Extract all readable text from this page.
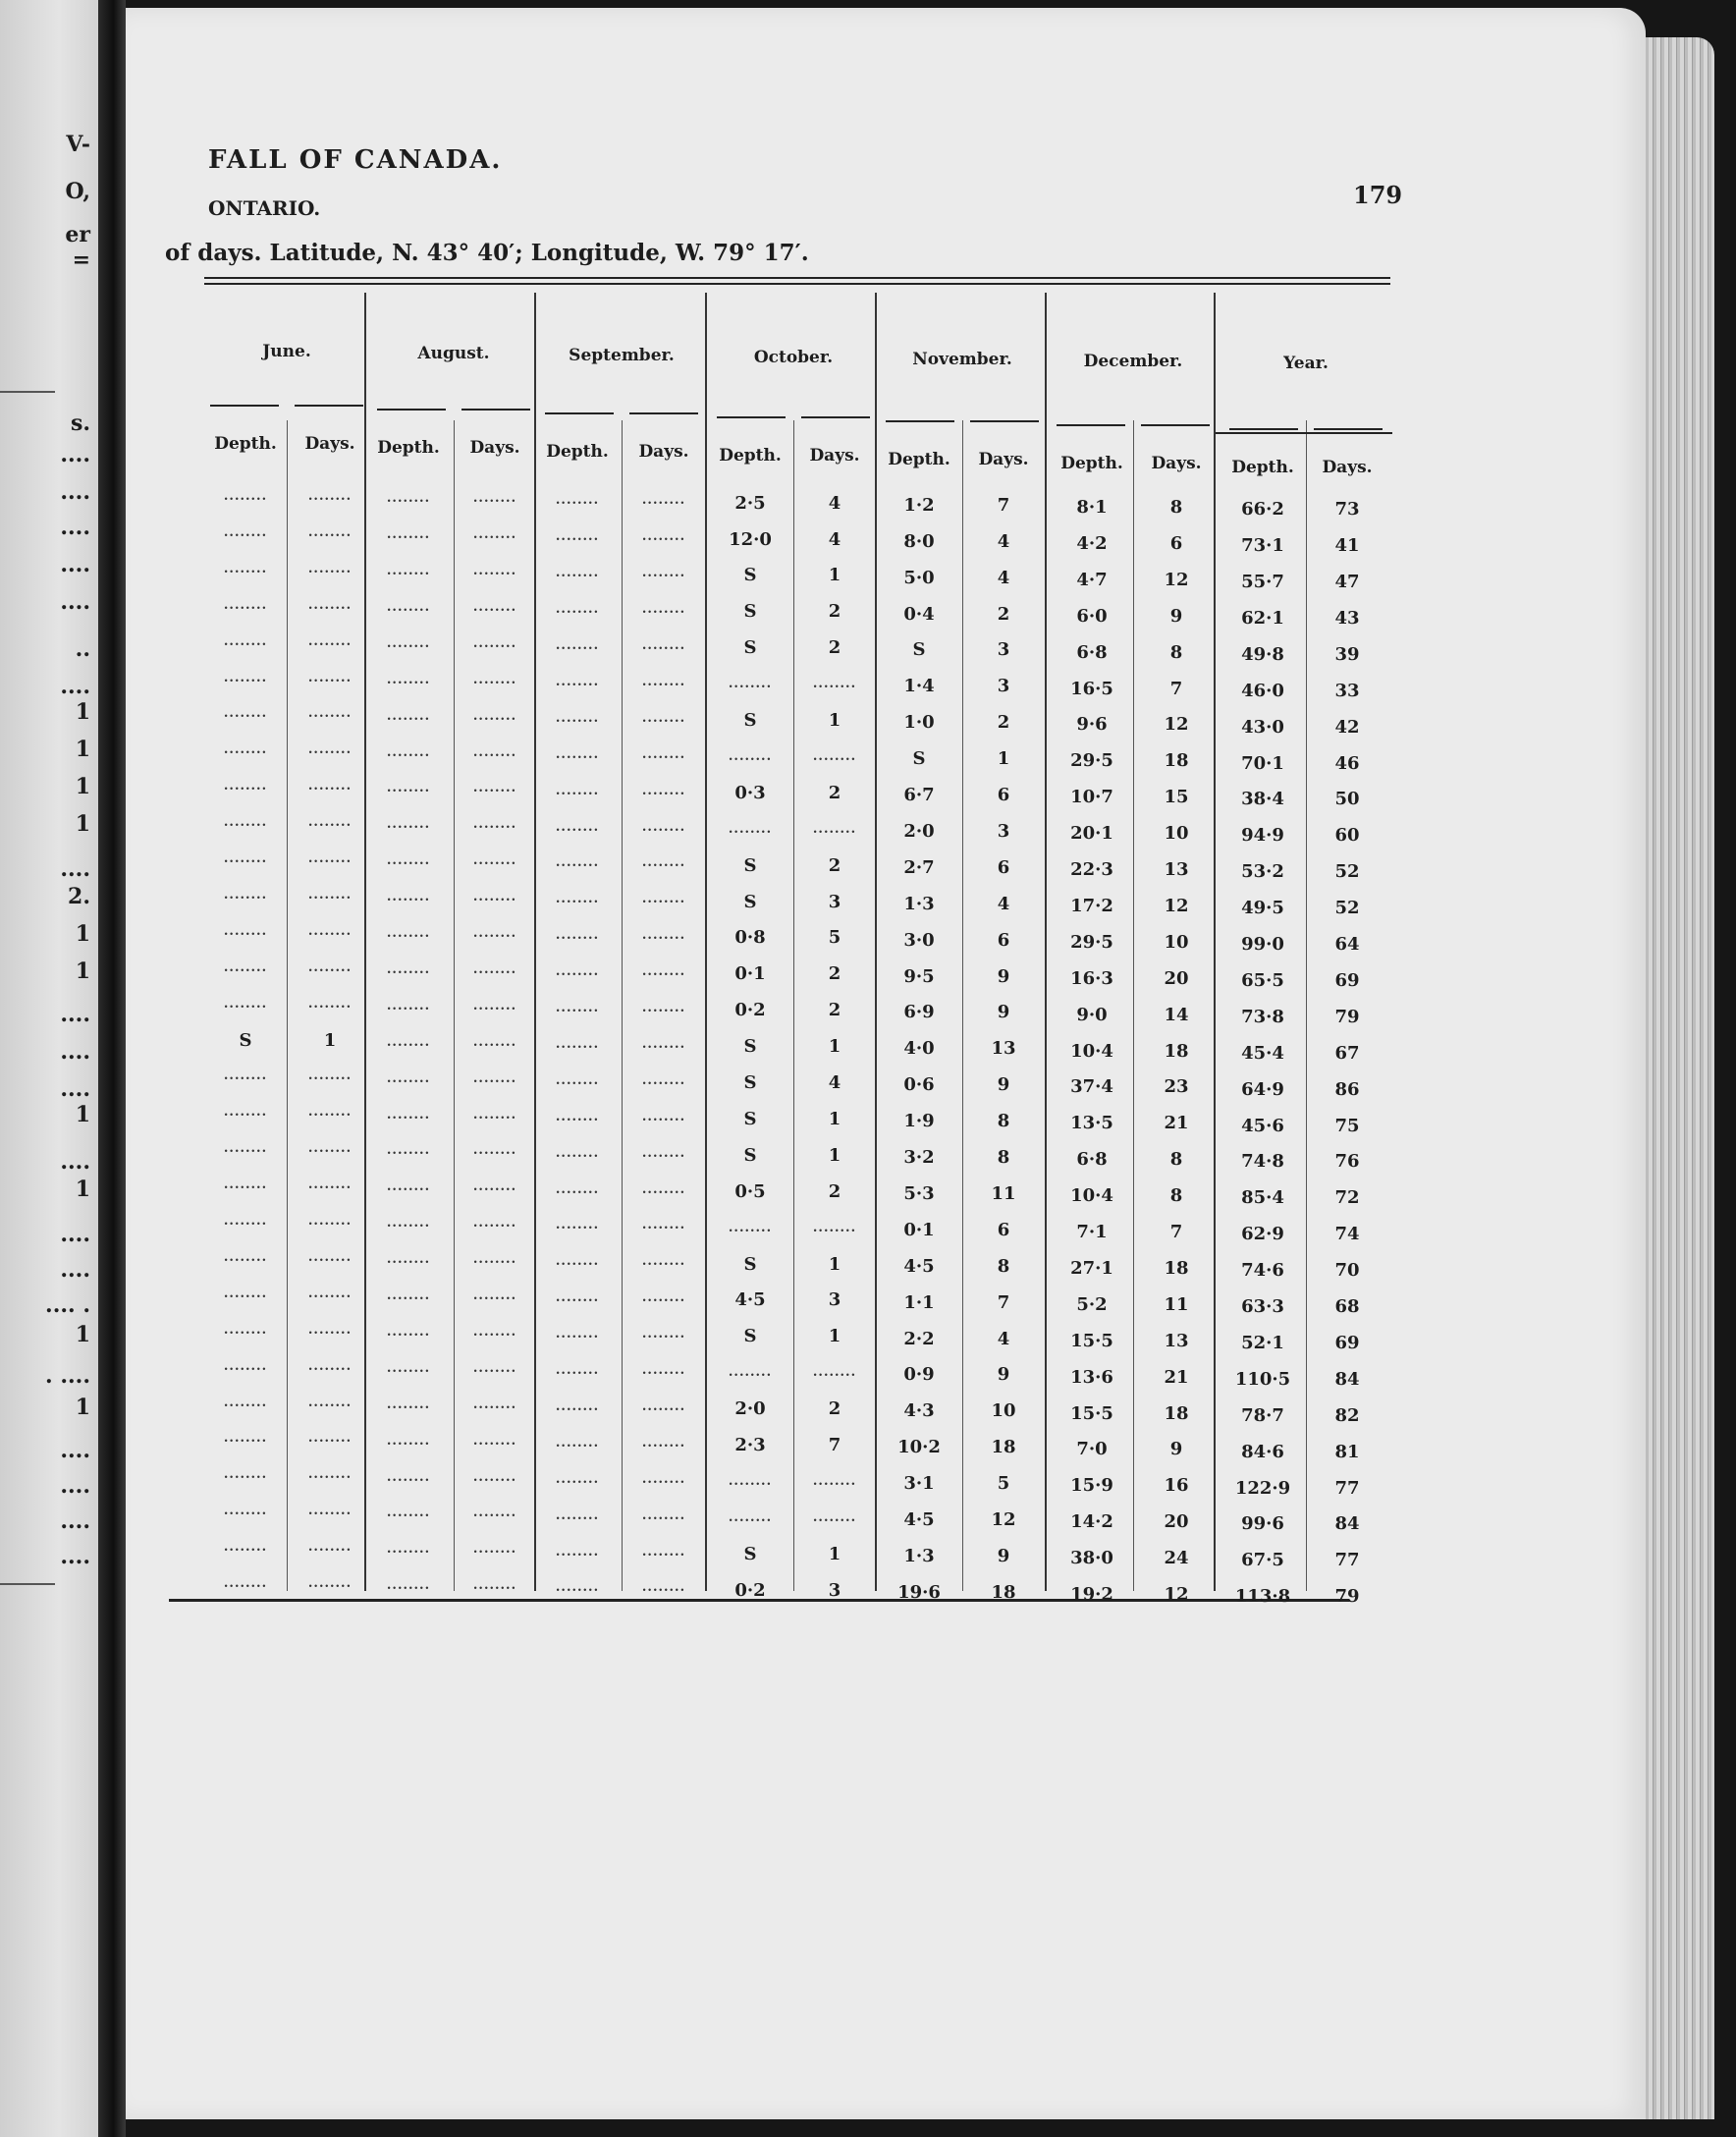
V-
O,
er
=
s.
....
....
....
....
....
..
....
1
1
1
1
....
2.
1
1
....
....
....
1
....
1
....
....
.... .
1
. ....
1
....
....
....
....
FALL OF CANADA.
179
ONTARIO.
of days. Latitude, N. 43° 40′; Longitude, W. 79° 17′.
June.	August.	September.	October.	November.	December.	Year.
Depth.	Days.	Depth.	Days.	Depth.	Days.	Depth.	Days.	Depth.	Days.	Depth.	Days.	Depth.	Days.
........	........	........	........	........	........	2·5	4	1·2	7	8·1	8	66·2	73
........	........	........	........	........	........	12·0	4	8·0	4	4·2	6	73·1	41
........	........	........	........	........	........	S	1	5·0	4	4·7	12	55·7	47
........	........	........	........	........	........	S	2	0·4	2	6·0	9	62·1	43
........	........	........	........	........	........	S	2	S	3	6·8	8	49·8	39
........	........	........	........	........	........	........	........	1·4	3	16·5	7	46·0	33
........	........	........	........	........	........	S	1	1·0	2	9·6	12	43·0	42
........	........	........	........	........	........	........	........	S	1	29·5	18	70·1	46
........	........	........	........	........	........	0·3	2	6·7	6	10·7	15	38·4	50
........	........	........	........	........	........	........	........	2·0	3	20·1	10	94·9	60
........	........	........	........	........	........	S	2	2·7	6	22·3	13	53·2	52
........	........	........	........	........	........	S	3	1·3	4	17·2	12	49·5	52
........	........	........	........	........	........	0·8	5	3·0	6	29·5	10	99·0	64
........	........	........	........	........	........	0·1	2	9·5	9	16·3	20	65·5	69
........	........	........	........	........	........	0·2	2	6·9	9	9·0	14	73·8	79
S	1	........	........	........	........	S	1	4·0	13	10·4	18	45·4	67
........	........	........	........	........	........	S	4	0·6	9	37·4	23	64·9	86
........	........	........	........	........	........	S	1	1·9	8	13·5	21	45·6	75
........	........	........	........	........	........	S	1	3·2	8	6·8	8	74·8	76
........	........	........	........	........	........	0·5	2	5·3	11	10·4	8	85·4	72
........	........	........	........	........	........	........	........	0·1	6	7·1	7	62·9	74
........	........	........	........	........	........	S	1	4·5	8	27·1	18	74·6	70
........	........	........	........	........	........	4·5	3	1·1	7	5·2	11	63·3	68
........	........	........	........	........	........	S	1	2·2	4	15·5	13	52·1	69
........	........	........	........	........	........	........	........	0·9	9	13·6	21	110·5	84
........	........	........	........	........	........	2·0	2	4·3	10	15·5	18	78·7	82
........	........	........	........	........	........	2·3	7	10·2	18	7·0	9	84·6	81
........	........	........	........	........	........	........	........	3·1	5	15·9	16	122·9	77
........	........	........	........	........	........	........	........	4·5	12	14·2	20	99·6	84
........	........	........	........	........	........	S	1	1·3	9	38·0	24	67·5	77
........	........	........	........	........	........	0·2	3	19·6	18	19·2	12	113·8	79
